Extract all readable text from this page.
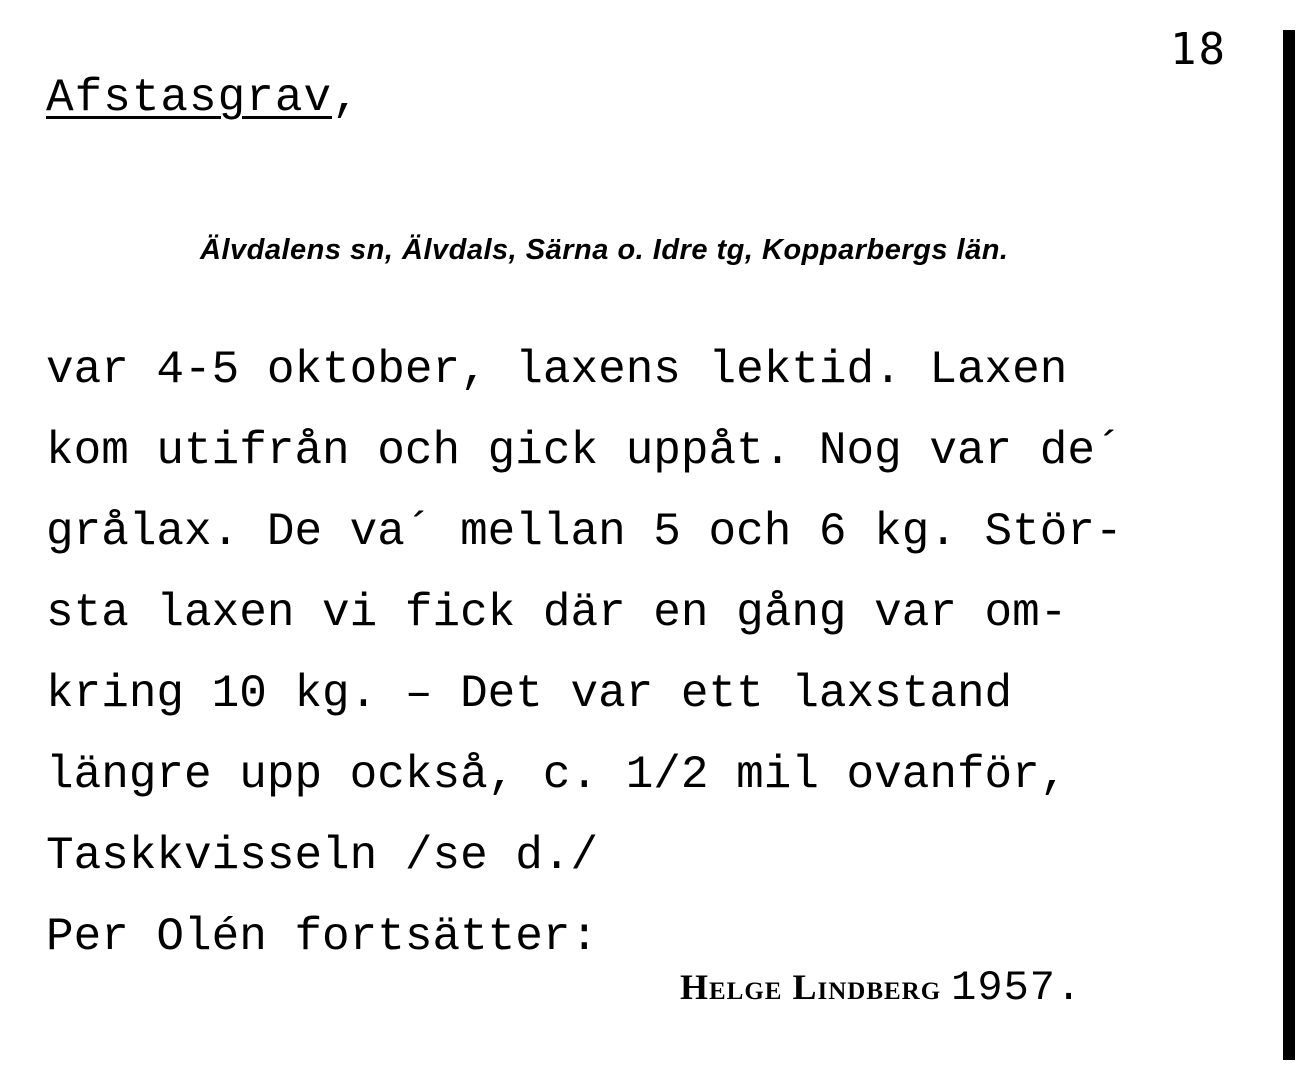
18
Afstasgrav,
Älvdalens sn, Älvdals, Särna o. Idre tg, Kopparbergs län.
var 4-5 oktober, laxens lektid. Laxen
kom utifrån och gick uppåt. Nog var de´
grålax. De va´ mellan 5 och 6 kg. Stör-
sta laxen vi fick där en gång var om-
kring 10 kg. – Det var ett laxstand
längre upp också, c. 1/2 mil ovanför,
Taskkvisseln /se d./
Per Olén fortsätter:
Helge Lindberg 1957.
